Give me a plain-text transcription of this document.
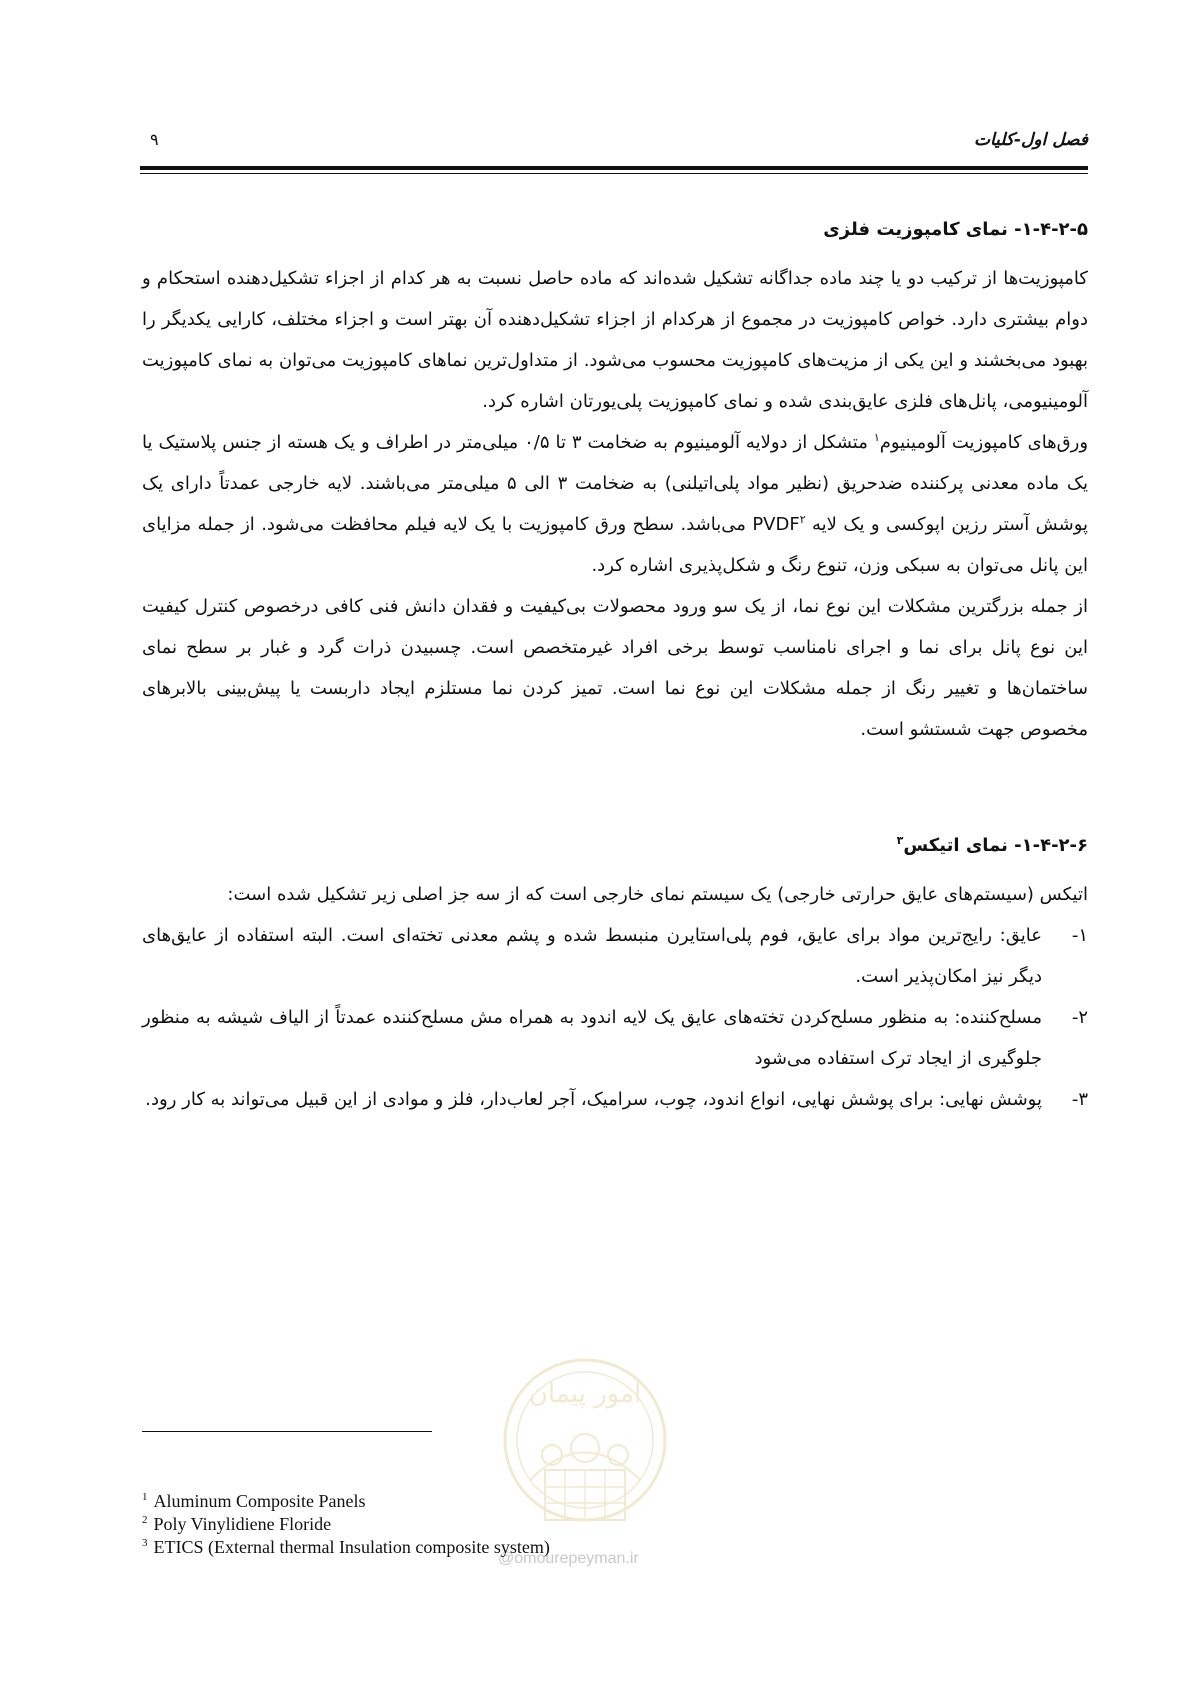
فصل اول-کلیات
۹
۱-۴-۲-۵- نمای کامپوزیت فلزی

کامپوزیت‌ها از ترکیب دو یا چند ماده جداگانه تشکیل شده‌اند که ماده حاصل نسبت به هر کدام از اجزاء تشکیل‌دهنده استحکام و دوام بیشتری دارد. خواص کامپوزیت در مجموع از هرکدام از اجزاء تشکیل‌دهنده آن بهتر است و اجزاء مختلف، کارایی یکدیگر را بهبود می‌بخشند و این یکی از مزیت‌های کامپوزیت محسوب می‌شود. از متداول‌ترین نماهای کامپوزیت می‌توان به نمای کامپوزیت آلومینیومی، پانل‌های فلزی عایق‌بندی شده و نمای کامپوزیت پلی‌یورتان اشاره کرد.

ورق‌های کامپوزیت آلومینیوم$^۱$ متشکل از دولایه آلومینیوم به ضخامت ۳ تا ۰/۵ میلی‌متر در اطراف و یک هسته از جنس پلاستیک یا یک ماده معدنی پرکننده ضدحریق (نظیر مواد پلی‌اتیلنی) به ضخامت ۳ الی ۵ میلی‌متر می‌باشند. لایه خارجی عمدتاً دارای یک پوشش آستر رزین اپوکسی و یک لایه PVDF$^۲$ می‌باشد. سطح ورق کامپوزیت با یک لایه فیلم محافظت می‌شود. از جمله مزایای این پانل می‌توان به سبکی وزن، تنوع رنگ و شکل‌پذیری اشاره کرد.

از جمله بزرگترین مشکلات این نوع نما، از یک سو ورود محصولات بی‌کیفیت و فقدان دانش فنی کافی درخصوص کنترل کیفیت این نوع پانل برای نما و اجرای نامناسب توسط برخی افراد غیرمتخصص است. چسبیدن ذرات گرد و غبار بر سطح نمای ساختمان‌ها و تغییر رنگ از جمله مشکلات این نوع نما است. تمیز کردن نما مستلزم ایجاد داربست یا پیش‌بینی بالابرهای مخصوص جهت شستشو است.

۱-۴-۲-۶- نمای اتیکس$^۳$

اتیکس (سیستم‌های عایق حرارتی خارجی) یک سیستم نمای خارجی است که از سه جز اصلی زیر تشکیل شده است:

۱-
عایق: رایج‌ترین مواد برای عایق، فوم پلی‌استایرن منبسط شده و پشم معدنی تخته‌ای است. البته استفاده از عایق‌های دیگر نیز امکان‌پذیر است.
۲-
مسلح‌کننده: به منظور مسلح‌کردن تخته‌های عایق یک لایه اندود به همراه مش مسلح‌کننده عمدتاً از الیاف شیشه به منظور جلوگیری از ایجاد ترک استفاده می‌شود
۳-
پوشش نهایی: برای پوشش نهایی، انواع اندود، چوب، سرامیک، آجر لعاب‌دار، فلز و موادی از این قبیل می‌تواند به کار رود.
امور پیمان
@omourepeyman.ir
$^1$ Aluminum Composite Panels
$^2$ Poly Vinylidiene Floride
$^3$ ETICS (External thermal Insulation composite system)
